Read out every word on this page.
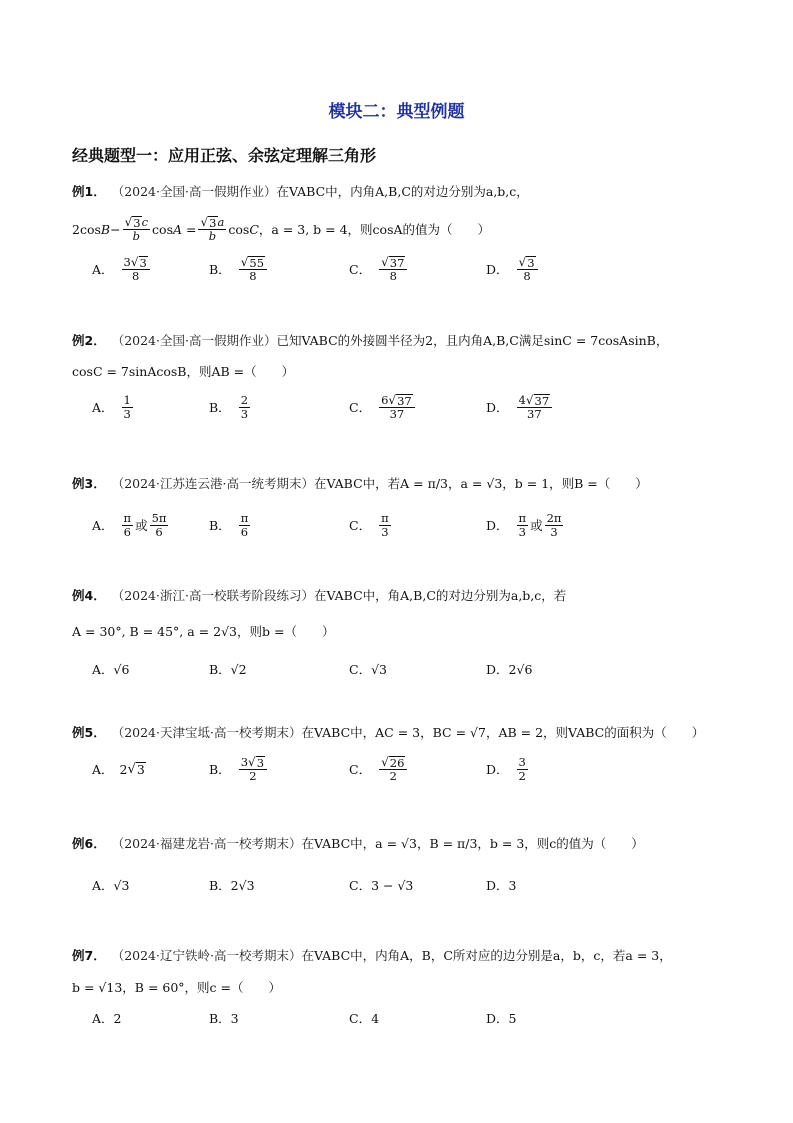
模块二：典型例题
经典题型一：应用正弦、余弦定理解三角形
例1． （2024·全国·高一假期作业） 在VABC中，内角A,B,C的对边分别为a,b,c，
$2\cos B- \frac{√ 3 c}{b}$ $\cos A = \frac{√ 3 a}{b}$ cosC ，a = 3, b = 4，则cosA的值为（　　）
A． $\frac{3 √ 3}{8}$	B． $\frac{√ 55}{8}$	C． $\frac{√ 37}{8}$	D． $\frac{√ 3}{8}$
例2． （2024·全国·高一假期作业） 已知VABC的外接圆半径为2，且内角A,B,C满足sinC = 7cosAsinB，
cosC = 7sinAcosB，则AB =（　　）
A． $\frac{1}{3}$	B． $\frac{2}{3}$	C． $\frac{6 √ 37}{37}$	D． $\frac{4 √ 37}{37}$
例3． （2024·江苏连云港·高一统考期末） 在VABC中，若A = π/3，a = √3，b = 1，则B =（　　）
A． $\frac{\pi}{6}$ 或 $\frac{5\pi}{6}$	B． $\frac{\pi}{6}$	C． $\frac{\pi}{3}$	D． $\frac{\pi}{3}$ 或 $\frac{2\pi}{3}$
例4． （2024·浙江·高一校联考阶段练习） 在VABC中，角A,B,C的对边分别为a,b,c，若
A = 30°, B = 45°, a = 2√3，则b =（　　）
A．√6	B．√2	C．√3	D．2√6
例5． （2024·天津宝坻·高一校考期末） 在VABC中，AC = 3，BC = √7，AB = 2，则VABC的面积为（　　）
A． 2 √ 3	B． $\frac{3 √ 3}{2}$	C． $\frac{√ 26}{2}$	D． $\frac{3}{2}$
例6． （2024·福建龙岩·高一校考期末） 在VABC中，a = √3，B = π/3，b = 3，则c的值为（　　）
A．√3	B．2√3	C．3 − √3	D．3
例7． （2024·辽宁铁岭·高一校考期末） 在VABC中，内角A，B，C所对应的边分别是a，b，c，若a = 3，
b = √13，B = 60°，则c =（　　）
A．2	B．3	C．4	D．5
